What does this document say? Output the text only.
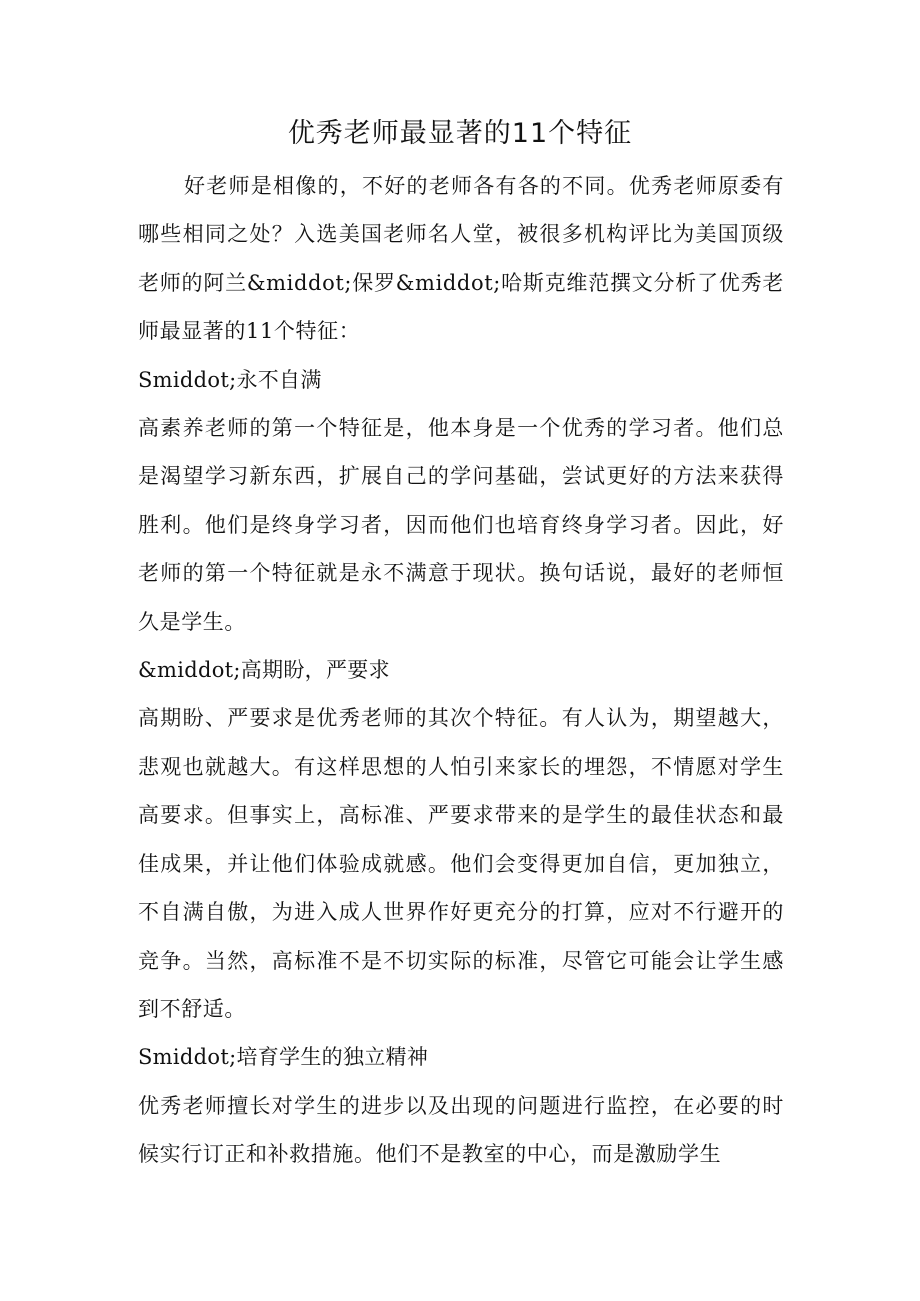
优秀老师最显著的11个特征

好老师是相像的，不好的老师各有各的不同。优秀老师原委有哪些相同之处？入选美国老师名人堂，被很多机构评比为美国顶级老师的阿兰&middot;保罗&middot;哈斯克维范撰文分析了优秀老师最显著的11个特征：

Smiddot;永不自满

高素养老师的第一个特征是，他本身是一个优秀的学习者。他们总是渴望学习新东西，扩展自己的学问基础，尝试更好的方法来获得胜利。他们是终身学习者，因而他们也培育终身学习者。因此，好老师的第一个特征就是永不满意于现状。换句话说，最好的老师恒久是学生。

&middot;高期盼，严要求

高期盼、严要求是优秀老师的其次个特征。有人认为，期望越大，悲观也就越大。有这样思想的人怕引来家长的埋怨，不情愿对学生高要求。但事实上，高标准、严要求带来的是学生的最佳状态和最佳成果，并让他们体验成就感。他们会变得更加自信，更加独立，不自满自傲，为进入成人世界作好更充分的打算，应对不行避开的竞争。当然，高标准不是不切实际的标准，尽管它可能会让学生感到不舒适。

Smiddot;培育学生的独立精神

优秀老师擅长对学生的进步以及出现的问题进行监控，在必要的时候实行订正和补救措施。他们不是教室的中心，而是激励学生
